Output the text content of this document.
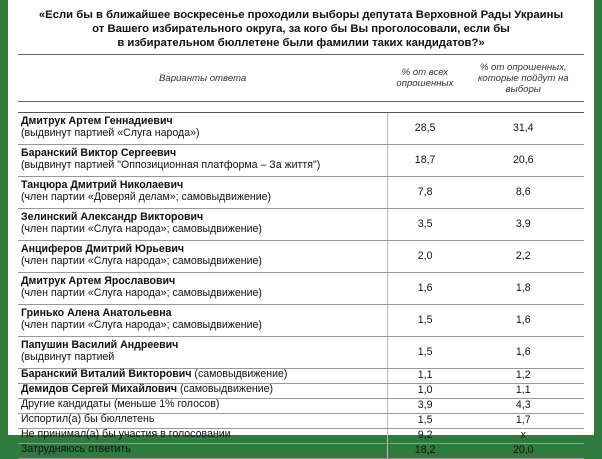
«Если бы в ближайшее воскресенье проходили выборы депутата Верховной Рады Украины
от Вашего избирательного округа, за кого бы Вы проголосовали, если бы
в избирательном бюллетене были фамилии таких кандидатов?»
Варианты ответа	% от всех опрошенных	% от опрошенных, которые пойдут на выборы

Дмитрук Артем Геннадиевич
(выдвинут партией «Слуга народа»)	28,5	31,4

Баранский Виктор Сергеевич
(выдвинут партией "Оппозиционная платформа – За життя")	18,7	20,6

Танцюра Дмитрий Николаевич
(член партии «Доверяй делам»; самовыдвижение)	7,8	8,6

Зелинский Александр Викторович
(член партии «Слуга народа»; самовыдвижение)	3,5	3,9

Анциферов Дмитрий Юрьевич
(член партии «Слуга народа»; самовыдвижение)	2,0	2,2

Дмитрук Артем Ярославович
(член партии «Слуга народа»; самовыдвижение)	1,6	1,8

Гринько Алена Анатольевна
(член партии «Слуга народа»; самовыдвижение)	1,5	1,6

Папушин Василий Андреевич
(выдвинут партией	1,5	1,6
Баранский Виталий Викторович (самовыдвижение)	1,1	1,2
Демидов Сергей Михайлович (самовыдвижение)	1,0	1,1
Другие кандидаты (меньше 1% голосов)	3,9	4,3
Испортил(а) бы бюллетень	1,5	1,7
Не принимал(а) бы участия в голосовании	9,2	х
Затрудняюсь ответить	18,2	20,0
